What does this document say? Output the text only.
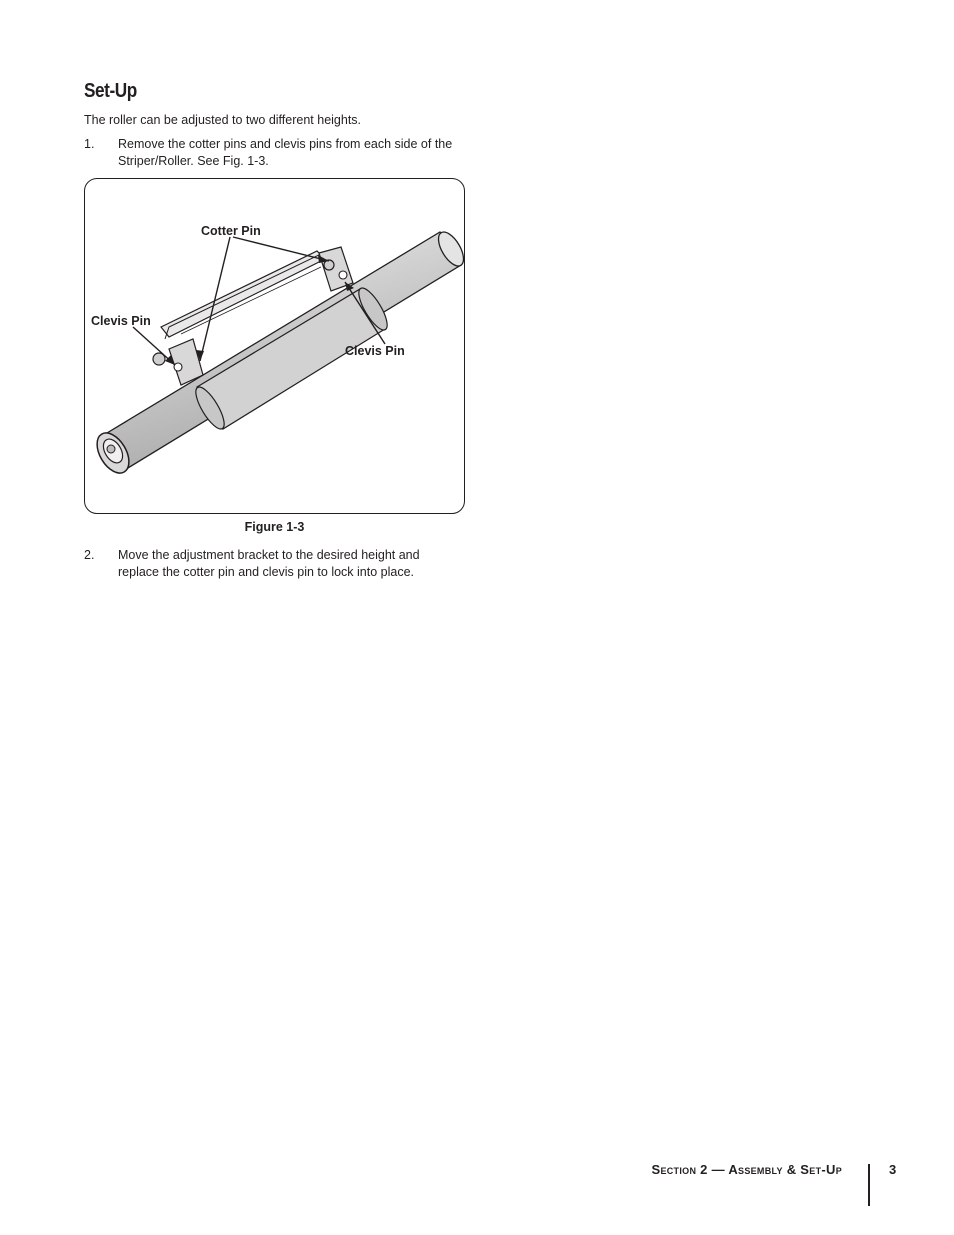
Set-Up

The roller can be adjusted to two different heights.

1. Remove the cotter pins and clevis pins from each side of the Striper/Roller. See Fig. 1-3.
Cotter Pin
Clevis Pin
Clevis Pin
Figure 1-3
2. Move the adjustment bracket to the desired height and replace the cotter pin and clevis pin to lock into place.
Section 2 — Assembly & Set-Up	3
